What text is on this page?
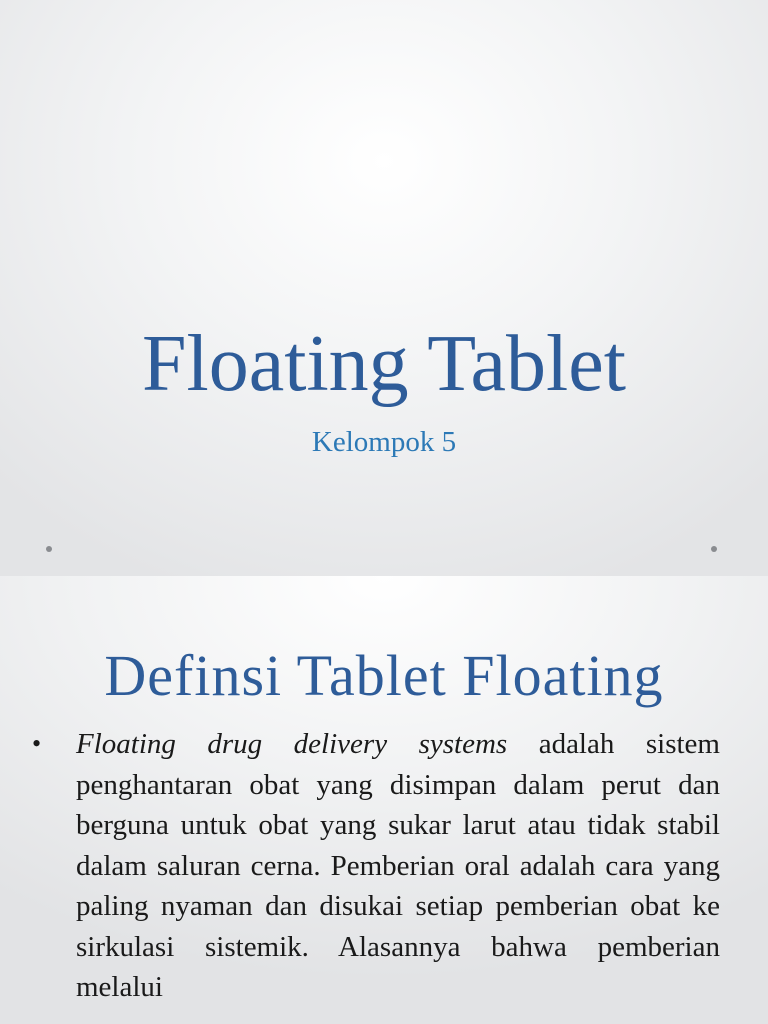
Floating Tablet
Kelompok 5
Definsi Tablet Floating
• Floating drug delivery systems adalah sistem penghantaran obat yang disimpan dalam perut dan berguna untuk obat yang sukar larut atau tidak stabil dalam saluran cerna. Pemberian oral adalah cara yang paling nyaman dan disukai setiap pemberian obat ke sirkulasi sistemik. Alasannya bahwa pemberian melalui
